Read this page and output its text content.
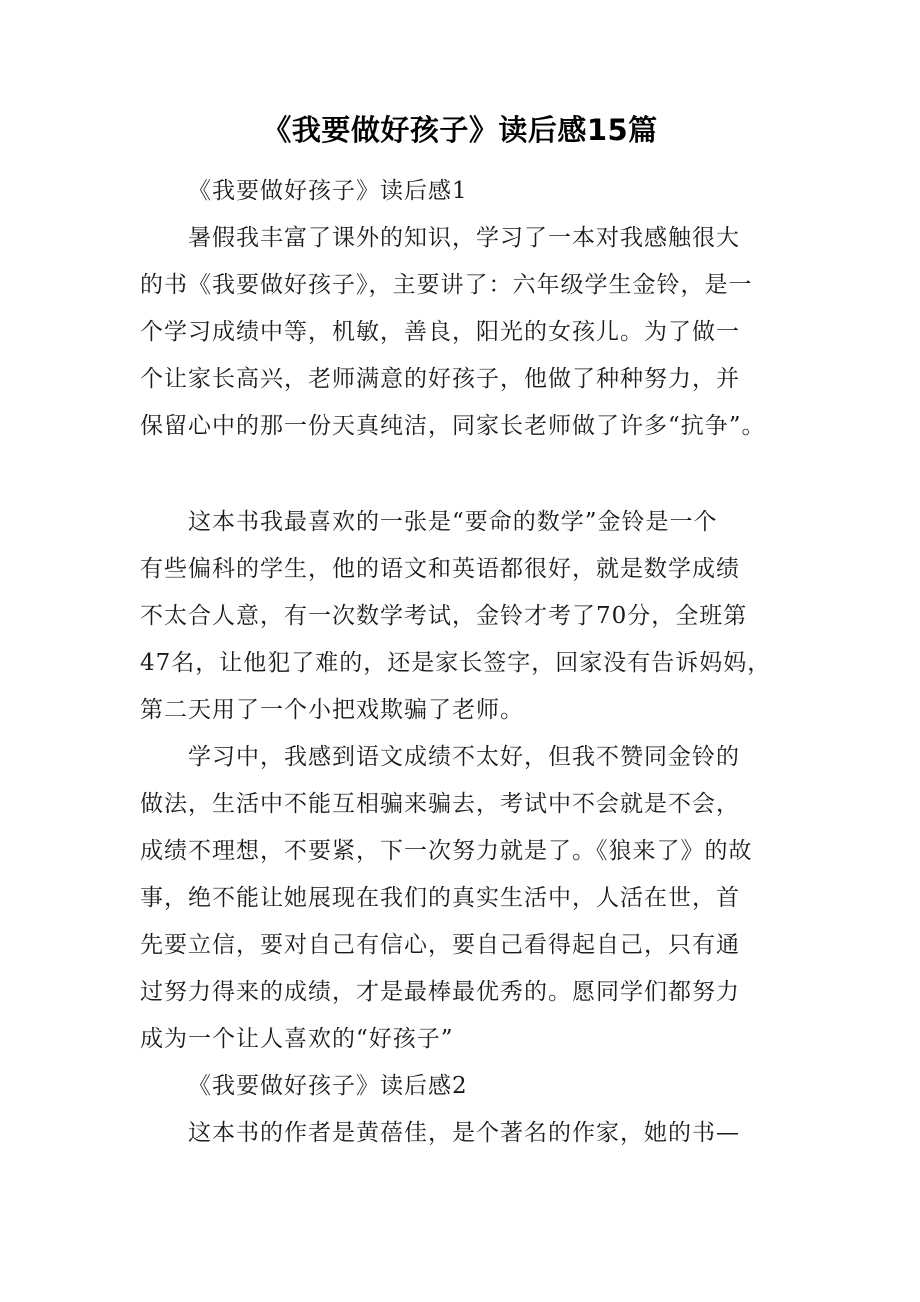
《我要做好孩子》读后感15篇
《我要做好孩子》读后感1
暑假我丰富了课外的知识，学习了一本对我感触很大
的书《我要做好孩子》，主要讲了：六年级学生金铃，是一
个学习成绩中等，机敏，善良，阳光的女孩儿。为了做一
个让家长高兴，老师满意的好孩子，他做了种种努力，并
保留心中的那一份天真纯洁，同家长老师做了许多“抗争”。
这本书我最喜欢的一张是“要命的数学”金铃是一个
有些偏科的学生，他的语文和英语都很好，就是数学成绩
不太合人意，有一次数学考试，金铃才考了70分，全班第
47名，让他犯了难的，还是家长签字，回家没有告诉妈妈，
第二天用了一个小把戏欺骗了老师。
学习中，我感到语文成绩不太好，但我不赞同金铃的
做法，生活中不能互相骗来骗去，考试中不会就是不会，
成绩不理想，不要紧，下一次努力就是了。《狼来了》的故
事，绝不能让她展现在我们的真实生活中，人活在世，首
先要立信，要对自己有信心，要自己看得起自己，只有通
过努力得来的成绩，才是最棒最优秀的。愿同学们都努力
成为一个让人喜欢的“好孩子”
《我要做好孩子》读后感2
这本书的作者是黄蓓佳，是个著名的作家，她的书—
